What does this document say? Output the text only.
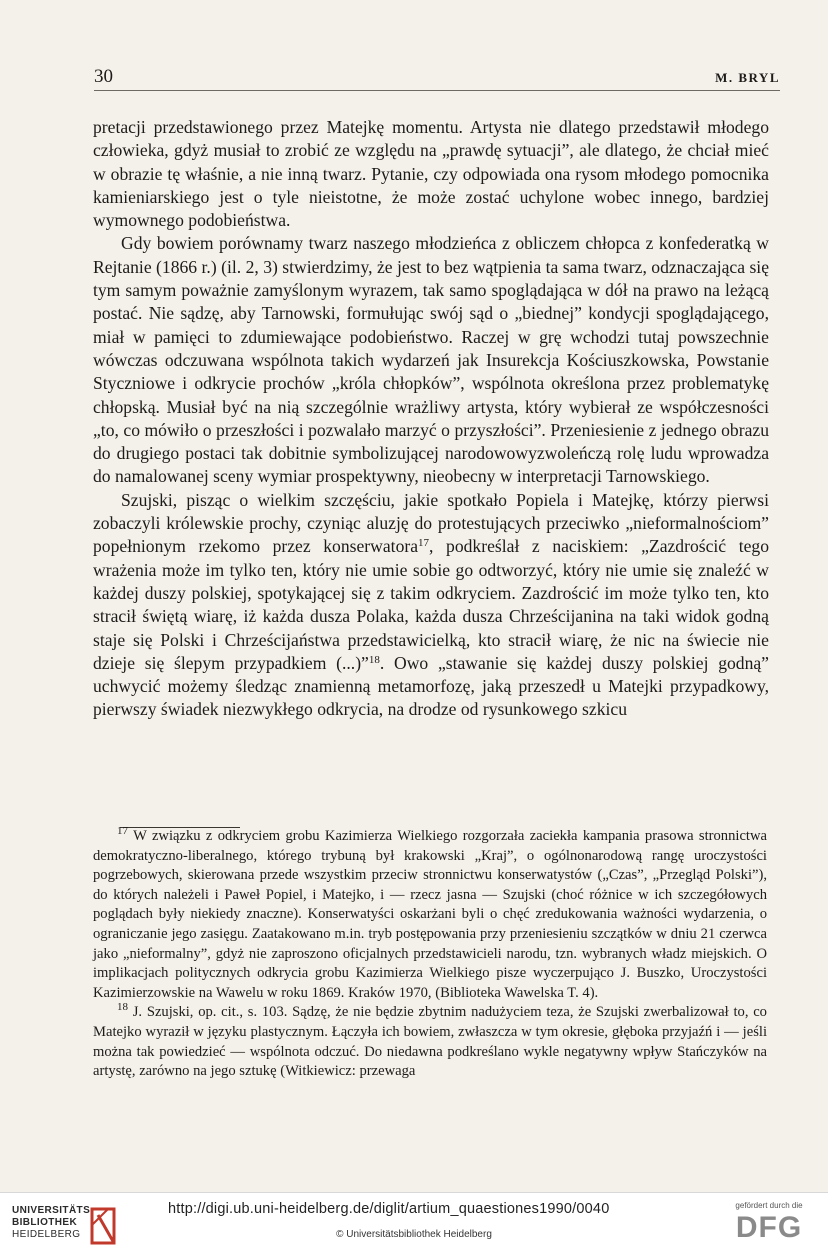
30	M. BRYL

pretacji przedstawionego przez Matejkę momentu. Artysta nie dlatego przedstawił młodego człowieka, gdyż musiał to zrobić ze względu na „prawdę sytuacji”, ale dlatego, że chciał mieć w obrazie tę właśnie, a nie inną twarz. Pytanie, czy odpowiada ona rysom młodego pomocnika kamieniarskiego jest o tyle nieistotne, że może zostać uchylone wobec innego, bardziej wymownego podobieństwa.

Gdy bowiem porównamy twarz naszego młodzieńca z obliczem chłopca z konfederatką w Rejtanie (1866 r.) (il. 2, 3) stwierdzimy, że jest to bez wątpienia ta sama twarz, odznaczająca się tym samym poważnie zamyślonym wyrazem, tak samo spoglądająca w dół na prawo na leżącą postać. Nie sądzę, aby Tarnowski, formułując swój sąd o „biednej” kondycji spoglądającego, miał w pamięci to zdumiewające podobieństwo. Raczej w grę wchodzi tutaj powszechnie wówczas odczuwana wspólnota takich wydarzeń jak Insurekcja Kościuszkowska, Powstanie Styczniowe i odkrycie prochów „króla chłopków”, wspólnota określona przez problematykę chłopską. Musiał być na nią szczególnie wrażliwy artysta, który wybierał ze współczesności „to, co mówiło o przeszłości i pozwalało marzyć o przyszłości”. Przeniesienie z jednego obrazu do drugiego postaci tak dobitnie symbolizującej narodowowyzwoleńczą rolę ludu wprowadza do namalowanej sceny wymiar prospektywny, nieobecny w interpretacji Tarnowskiego.

Szujski, pisząc o wielkim szczęściu, jakie spotkało Popiela i Matejkę, którzy pierwsi zobaczyli królewskie prochy, czyniąc aluzję do protestujących przeciwko „nieformalnościom” popełnionym rzekomo przez konserwatora$^{17}$, podkreślał z naciskiem: „Zazdrościć tego wrażenia może im tylko ten, który nie umie sobie go odtworzyć, który nie umie się znaleźć w każdej duszy polskiej, spotykającej się z takim odkryciem. Zazdrościć im może tylko ten, kto stracił świętą wiarę, iż każda dusza Polaka, każda dusza Chrześcijanina na taki widok godną staje się Polski i Chrześcijaństwa przedstawicielką, kto stracił wiarę, że nic na świecie nie dzieje się ślepym przypadkiem (...)”$^{18}$. Owo „stawanie się każdej duszy polskiej godną” uchwycić możemy śledząc znamienną metamorfozę, jaką przeszedł u Matejki przypadkowy, pierwszy świadek niezwykłego odkrycia, na drodze od rysunkowego szkicu

$^{17}$ W związku z odkryciem grobu Kazimierza Wielkiego rozgorzała zaciekła kampania prasowa stronnictwa demokratyczno-liberalnego, którego trybuną był krakowski „Kraj”, o ogólnonarodową rangę uroczystości pogrzebowych, skierowana przede wszystkim przeciw stronnictwu konserwatystów („Czas”, „Przegląd Polski”), do których należeli i Paweł Popiel, i Matejko, i — rzecz jasna — Szujski (choć różnice w ich szczegółowych poglądach były niekiedy znaczne). Konserwatyści oskarżani byli o chęć zredukowania ważności wydarzenia, o ograniczanie jego zasięgu. Zaatakowano m.in. tryb postępowania przy przeniesieniu szczątków w dniu 21 czerwca jako „nieformalny”, gdyż nie zaproszono oficjalnych przedstawicieli narodu, tzn. wybranych władz miejskich. O implikacjach politycznych odkrycia grobu Kazimierza Wielkiego pisze wyczerpująco J. Buszko, Uroczystości Kazimierzowskie na Wawelu w roku 1869. Kraków 1970, (Biblioteka Wawelska T. 4).

$^{18}$ J. Szujski, op. cit., s. 103. Sądzę, że nie będzie zbytnim nadużyciem teza, że Szujski zwerbalizował to, co Matejko wyraził w języku plastycznym. Łączyła ich bowiem, zwłaszcza w tym okresie, głęboka przyjaźń i — jeśli można tak powiedzieć — wspólnota odczuć. Do niedawna podkreślano wykle negatywny wpływ Stańczyków na artystę, zarówno na jego sztukę (Witkiewicz: przewaga

UNIVERSITÄTS-
BIBLIOTHEK
HEIDELBERG
http://digi.ub.uni-heidelberg.de/diglit/artium_quaestiones1990/0040
© Universitätsbibliothek Heidelberg
gefördert durch die
DFG
